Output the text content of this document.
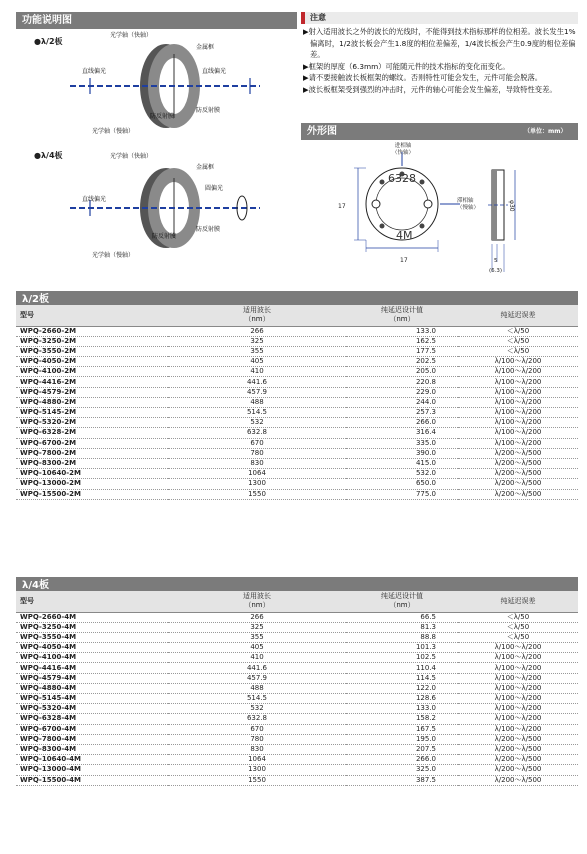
功能说明图
●λ/2板
光学轴（快轴）
金属框
直线偏光	直线偏光
防反射膜
防反射膜
光学轴（慢轴）
●λ/4板	光学轴（快轴）
金属框
直线偏光
圆偏光
防反射膜
防反射膜
光学轴（慢轴）
注意

▶射入适用波长之外的波长的光线时，不能得到技术指标那样的位相差。波长发生1%偏离时，1/2波长板会产生1.8度的相位差偏差，1/4波长板会产生0.9度的相位差偏差。

▶框架的厚度（6.3mm）可能随元件的技术指标的变化而变化。

▶请不要接触波长板框架的螺纹。否则特性可能会发生，元件可能会脱落。

▶波长板框架受到强烈的冲击时，元件的轴心可能会发生偏差，导致特性变差。

外形图	（单位：mm）
6328
4M
进相轴
（快轴）
滞相轴
（慢轴）
17
17
φ30
5
(6.3)
λ/2板
型号	适用波长
（nm）	纯延迟设计值
（nm）	纯延迟误差
WPQ-2660-2M	266	133.0	＜λ/50
WPQ-3250-2M	325	162.5	＜λ/50
WPQ-3550-2M	355	177.5	＜λ/50
WPQ-4050-2M	405	202.5	λ/100～λ/200
WPQ-4100-2M	410	205.0	λ/100～λ/200
WPQ-4416-2M	441.6	220.8	λ/100～λ/200
WPQ-4579-2M	457.9	229.0	λ/100～λ/200
WPQ-4880-2M	488	244.0	λ/100～λ/200
WPQ-5145-2M	514.5	257.3	λ/100～λ/200
WPQ-5320-2M	532	266.0	λ/100～λ/200
WPQ-6328-2M	632.8	316.4	λ/100～λ/200
WPQ-6700-2M	670	335.0	λ/100～λ/200
WPQ-7800-2M	780	390.0	λ/200～λ/500
WPQ-8300-2M	830	415.0	λ/200～λ/500
WPQ-10640-2M	1064	532.0	λ/200～λ/500
WPQ-13000-2M	1300	650.0	λ/200～λ/500
WPQ-15500-2M	1550	775.0	λ/200～λ/500
λ/4板
型号	适用波长
（nm）	纯延迟设计值
（nm）	纯延迟误差
WPQ-2660-4M	266	66.5	＜λ/50
WPQ-3250-4M	325	81.3	＜λ/50
WPQ-3550-4M	355	88.8	＜λ/50
WPQ-4050-4M	405	101.3	λ/100～λ/200
WPQ-4100-4M	410	102.5	λ/100～λ/200
WPQ-4416-4M	441.6	110.4	λ/100～λ/200
WPQ-4579-4M	457.9	114.5	λ/100～λ/200
WPQ-4880-4M	488	122.0	λ/100～λ/200
WPQ-5145-4M	514.5	128.6	λ/100～λ/200
WPQ-5320-4M	532	133.0	λ/100～λ/200
WPQ-6328-4M	632.8	158.2	λ/100～λ/200
WPQ-6700-4M	670	167.5	λ/100～λ/200
WPQ-7800-4M	780	195.0	λ/200～λ/500
WPQ-8300-4M	830	207.5	λ/200～λ/500
WPQ-10640-4M	1064	266.0	λ/200～λ/500
WPQ-13000-4M	1300	325.0	λ/200～λ/500
WPQ-15500-4M	1550	387.5	λ/200～λ/500
